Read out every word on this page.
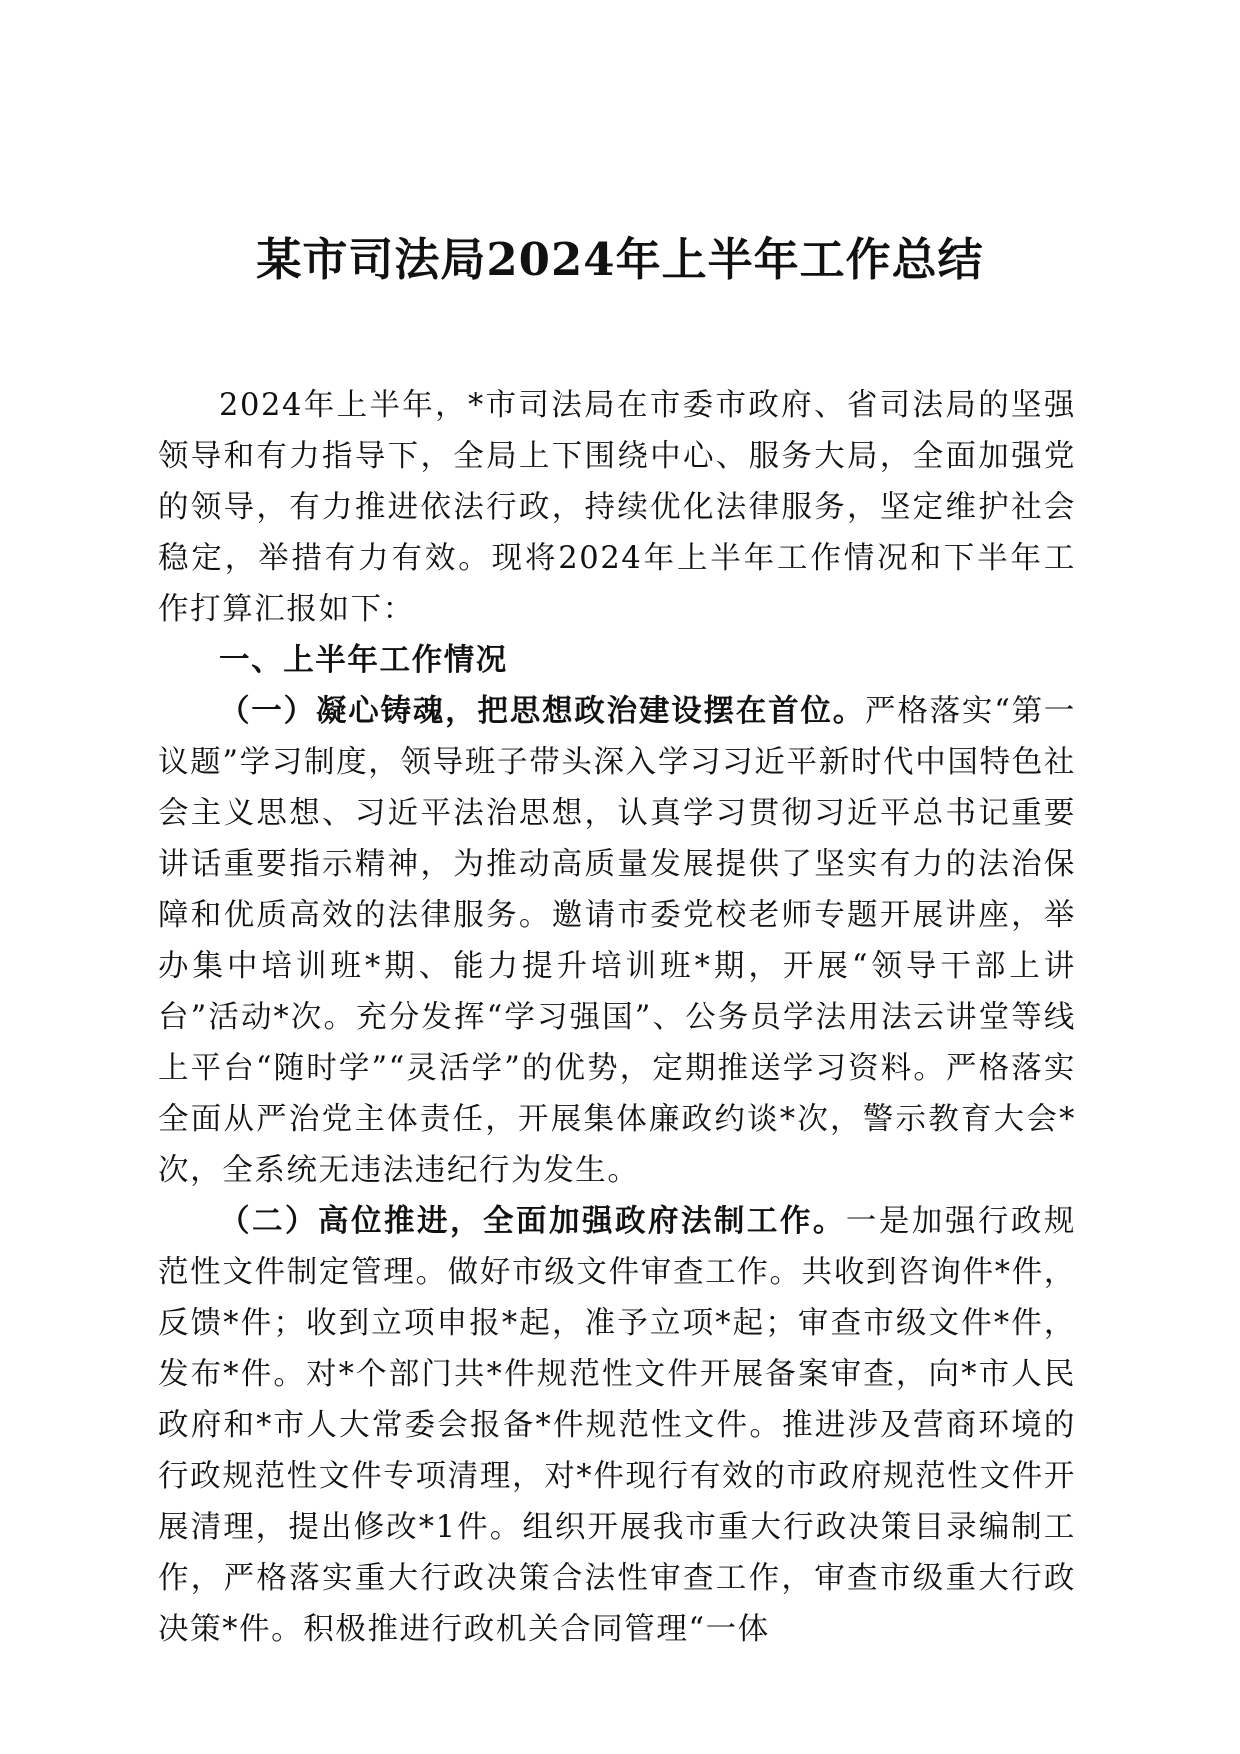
某市司法局2024年上半年工作总结

2024年上半年，*市司法局在市委市政府、省司法局的坚强领导和有力指导下，全局上下围绕中心、服务大局，全面加强党的领导，有力推进依法行政，持续优化法律服务，坚定维护社会稳定，举措有力有效。现将2024年上半年工作情况和下半年工作打算汇报如下：

一、上半年工作情况

（一）凝心铸魂，把思想政治建设摆在首位。严格落实“第一议题”学习制度，领导班子带头深入学习习近平新时代中国特色社会主义思想、习近平法治思想，认真学习贯彻习近平总书记重要讲话重要指示精神，为推动高质量发展提供了坚实有力的法治保障和优质高效的法律服务。邀请市委党校老师专题开展讲座，举办集中培训班*期、能力提升培训班*期，开展“领导干部上讲台”活动*次。充分发挥“学习强国”、公务员学法用法云讲堂等线上平台“随时学”“灵活学”的优势，定期推送学习资料。严格落实全面从严治党主体责任，开展集体廉政约谈*次，警示教育大会*次，全系统无违法违纪行为发生。

（二）高位推进，全面加强政府法制工作。一是加强行政规范性文件制定管理。做好市级文件审查工作。共收到咨询件*件，反馈*件；收到立项申报*起，准予立项*起；审查市级文件*件，发布*件。对*个部门共*件规范性文件开展备案审查，向*市人民政府和*市人大常委会报备*件规范性文件。推进涉及营商环境的行政规范性文件专项清理，对*件现行有效的市政府规范性文件开展清理，提出修改*1件。组织开展我市重大行政决策目录编制工作，严格落实重大行政决策合法性审查工作，审查市级重大行政决策*件。积极推进行政机关合同管理“一体
